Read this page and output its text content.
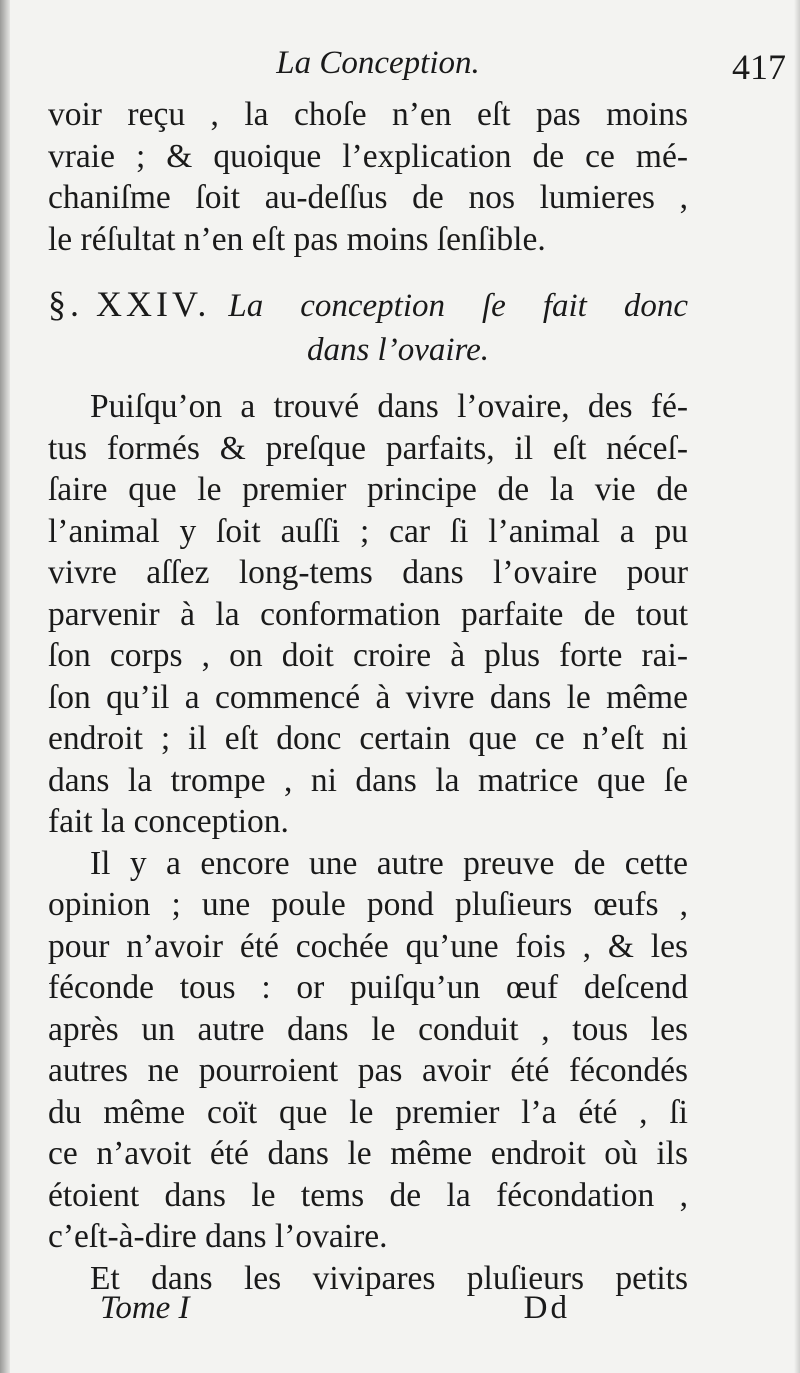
La Conception.	417
voir reçu , la choſe n’en eſt pas moins
vraie ; & quoique l’explication de ce mé-
chaniſme ſoit au-deſſus de nos lumieres ,
le réſultat n’en eſt pas moins ſenſible.
§. XXIV. La conception ſe fait donc
dans l’ovaire.
Puiſqu’on a trouvé dans l’ovaire, des fé-
tus formés & preſque parfaits, il eſt néceſ-
ſaire que le premier principe de la vie de
l’animal y ſoit auſſi ; car ſi l’animal a pu
vivre aſſez long-tems dans l’ovaire pour
parvenir à la conformation parfaite de tout
ſon corps , on doit croire à plus forte rai-
ſon qu’il a commencé à vivre dans le même
endroit ; il eſt donc certain que ce n’eſt ni
dans la trompe , ni dans la matrice que ſe
fait la conception.
Il y a encore une autre preuve de cette
opinion ; une poule pond pluſieurs œufs ,
pour n’avoir été cochée qu’une fois , & les
féconde tous : or puiſqu’un œuf deſcend
après un autre dans le conduit , tous les
autres ne pourroient pas avoir été fécondés
du même coït que le premier l’a été , ſi
ce n’avoit été dans le même endroit où ils
étoient dans le tems de la fécondation ,
c’eſt-à-dire dans l’ovaire.
Et dans les vivipares pluſieurs petits
Tome I	Dd
